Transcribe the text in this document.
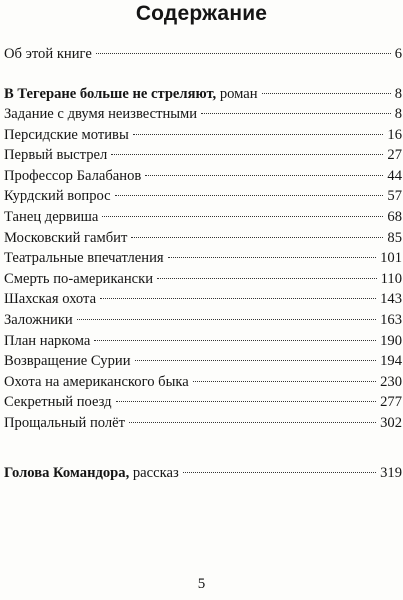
Содержание
Об этой книге	6
В Тегеране больше не стреляют, роман	8
Задание с двумя неизвестными	8
Персидские мотивы	16
Первый выстрел	27
Профессор Балабанов	44
Курдский вопрос	57
Танец дервиша	68
Московский гамбит	85
Театральные впечатления	101
Смерть по-американски	110
Шахская охота	143
Заложники	163
План наркома	190
Возвращение Сурии	194
Охота на американского быка	230
Секретный поезд	277
Прощальный полёт	302
Голова Командора, рассказ	319
5
